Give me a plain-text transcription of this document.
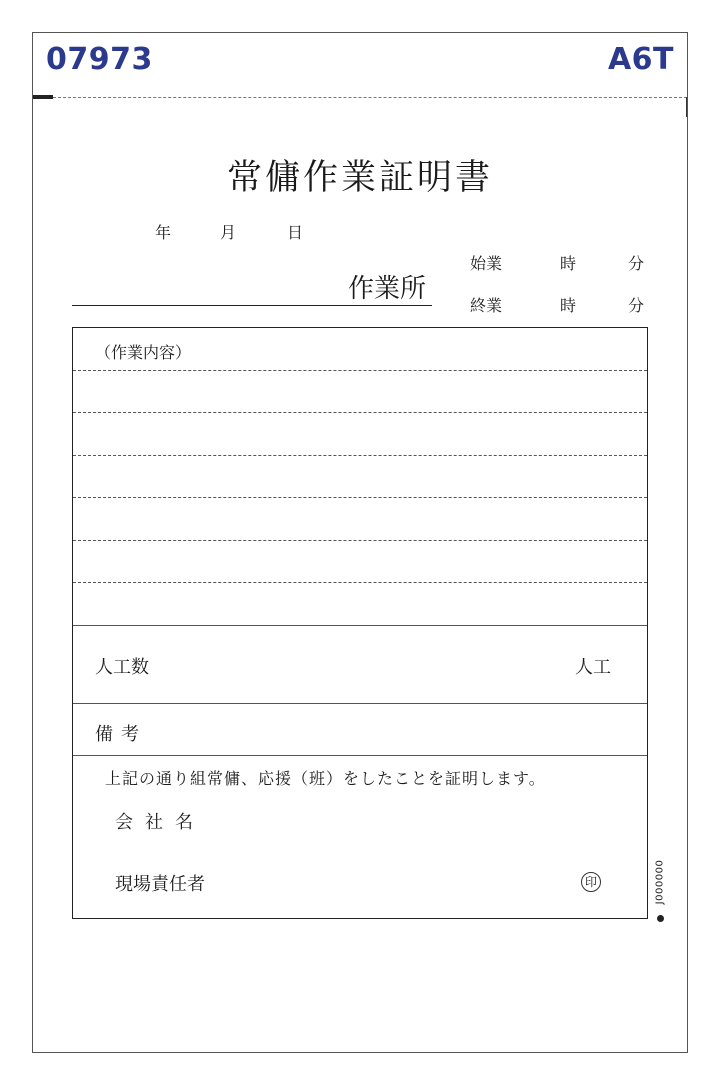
07973	A6T
常傭作業証明書
年	月	日
作業所
始業	時	分
終業	時	分
（作業内容）
人工数	人工
備考
上記の通り組常傭、応援（班）をしたことを証明します。
会社名
現場責任者	印	J000000
